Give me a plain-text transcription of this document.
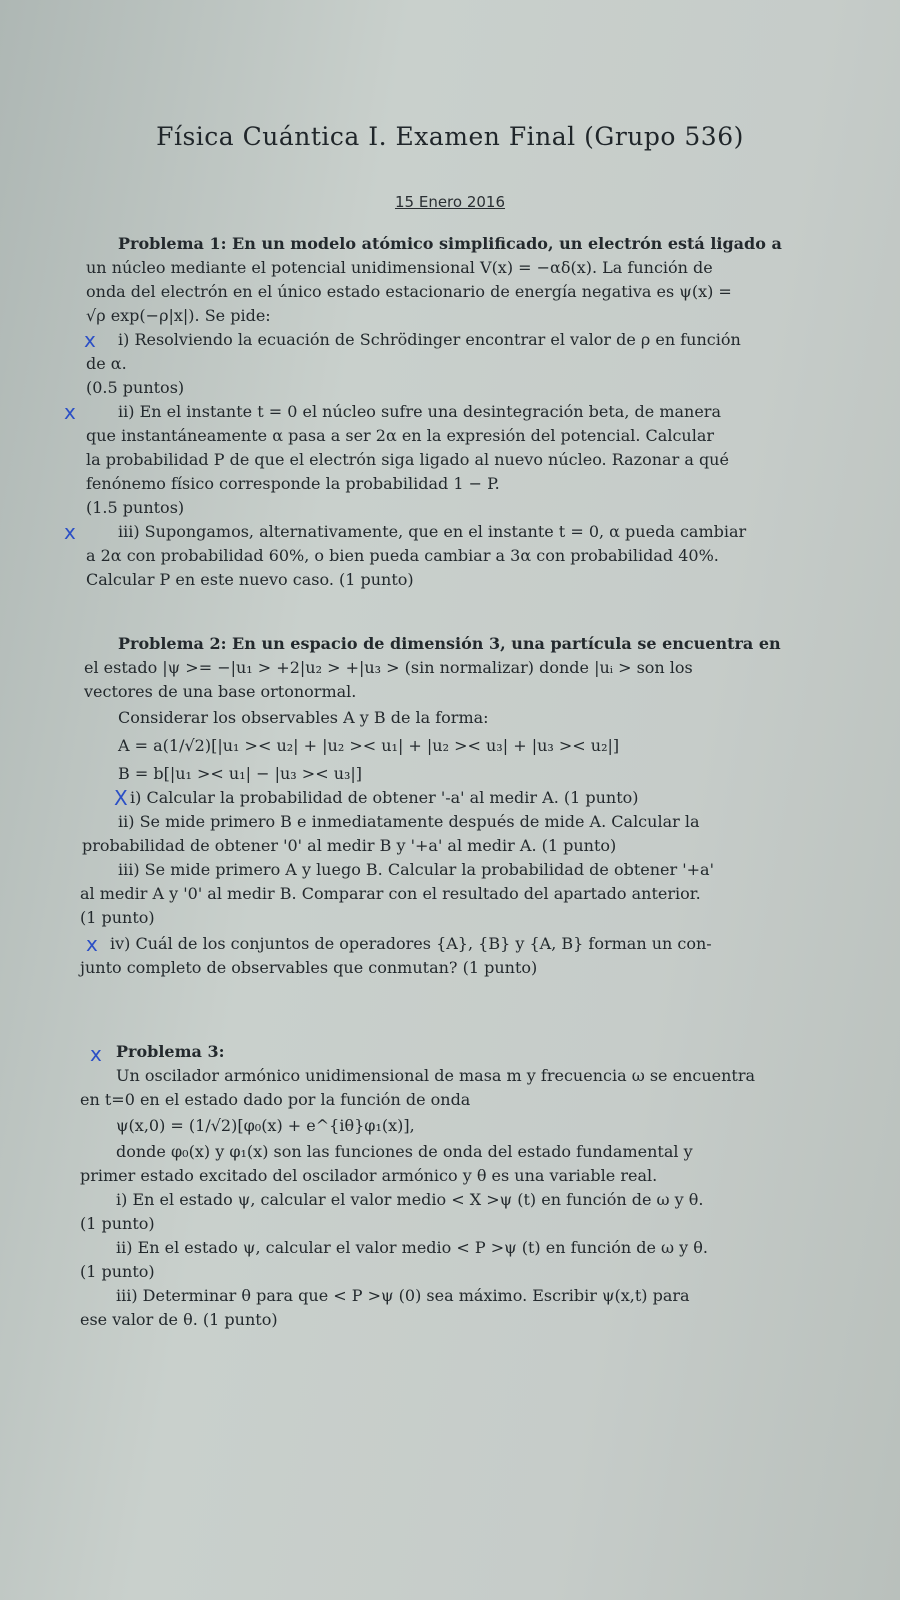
Física Cuántica I. Examen Final (Grupo 536)
15 Enero 2016
Problema 1: En un modelo atómico simplificado, un electrón está ligado a
un núcleo mediante el potencial unidimensional V(x) = −αδ(x). La función de
onda del electrón en el único estado estacionario de energía negativa es ψ(x) =
√ρ exp(−ρ|x|). Se pide:
x i) Resolviendo la ecuación de Schrödinger encontrar el valor de ρ en función
de α.
(0.5 puntos)
x	ii) En el instante t = 0 el núcleo sufre una desintegración beta, de manera
que instantáneamente α pasa a ser 2α en la expresión del potencial. Calcular
la probabilidad P de que el electrón siga ligado al nuevo núcleo. Razonar a qué
fenónemo físico corresponde la probabilidad 1 − P.
(1.5 puntos)
x	iii) Supongamos, alternativamente, que en el instante t = 0, α pueda cambiar
a 2α con probabilidad 60%, o bien pueda cambiar a 3α con probabilidad 40%.
Calcular P en este nuevo caso. (1 punto)
Problema 2: En un espacio de dimensión 3, una partícula se encuentra en
el estado |ψ >= −|u₁ > +2|u₂ > +|u₃ > (sin normalizar) donde |uᵢ > son los
vectores de una base ortonormal.
Considerar los observables A y B de la forma:
A = a(1/√2)[|u₁ >< u₂| + |u₂ >< u₁| + |u₂ >< u₃| + |u₃ >< u₂|]
B = b[|u₁ >< u₁| − |u₃ >< u₃|]
X i) Calcular la probabilidad de obtener '-a' al medir A. (1 punto)
ii) Se mide primero B e inmediatamente después de mide A. Calcular la
probabilidad de obtener '0' al medir B y '+a' al medir A. (1 punto)
iii) Se mide primero A y luego B. Calcular la probabilidad de obtener '+a'
al medir A y '0' al medir B. Comparar con el resultado del apartado anterior.
(1 punto)
x iv) Cuál de los conjuntos de operadores {A}, {B} y {A, B} forman un con-
junto completo de observables que conmutan? (1 punto)
x Problema 3:
Un oscilador armónico unidimensional de masa m y frecuencia ω se encuentra
en t=0 en el estado dado por la función de onda
ψ(x,0) = (1/√2)[φ₀(x) + e^{iθ}φ₁(x)],
donde φ₀(x) y φ₁(x) son las funciones de onda del estado fundamental y
primer estado excitado del oscilador armónico y θ es una variable real.
i) En el estado ψ, calcular el valor medio < X >ψ (t) en función de ω y θ.
(1 punto)
ii) En el estado ψ, calcular el valor medio < P >ψ (t) en función de ω y θ.
(1 punto)
iii) Determinar θ para que < P >ψ (0) sea máximo. Escribir ψ(x,t) para
ese valor de θ. (1 punto)
